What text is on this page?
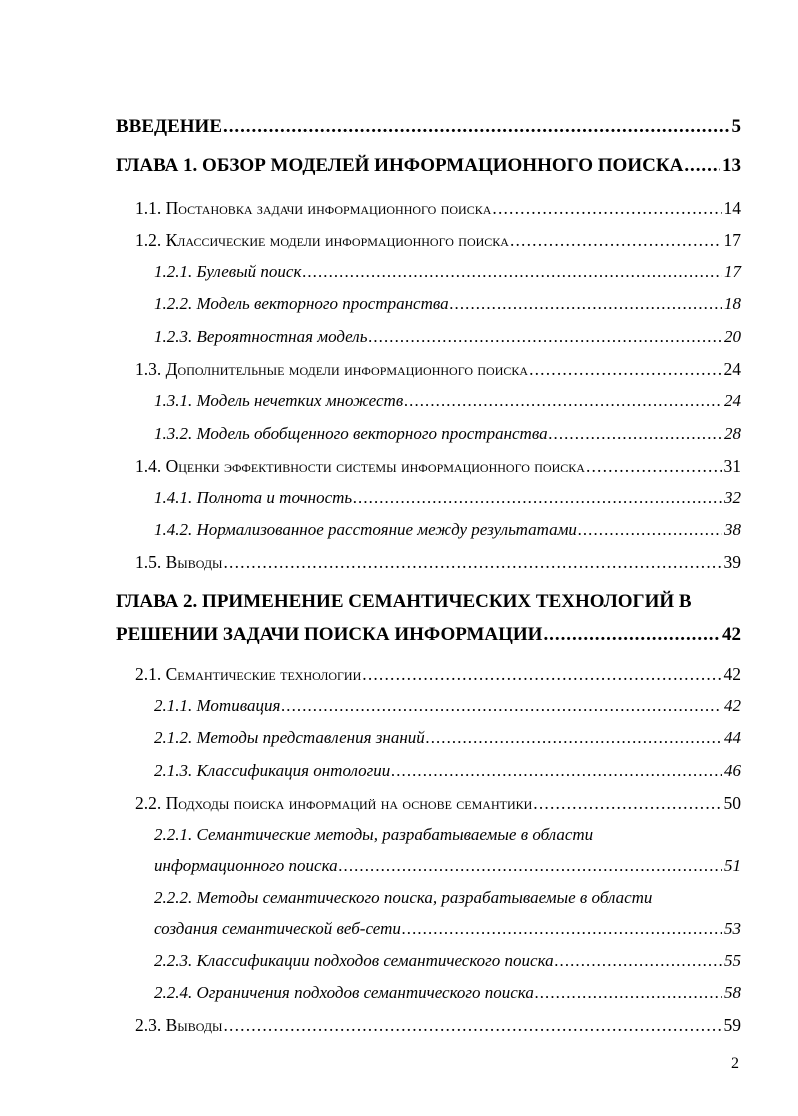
ВВЕДЕНИЕ . . .	5
ГЛАВА 1. ОБЗОР МОДЕЛЕЙ ИНФОРМАЦИОННОГО ПОИСКА . . . 13
1.1. Постановка задачи информационного поиска . . .	14
1.2. Классические модели информационного поиска . . .	17
1.2.1. Булевый поиск . . .	17
1.2.2. Модель векторного пространства . . .	18
1.2.3. Вероятностная модель . . .	20
1.3. Дополнительные модели информационного поиска . . .	24
1.3.1. Модель нечетких множеств . . .	24
1.3.2. Модель обобщенного векторного пространства . . .	28
1.4. Оценки эффективности системы информационного поиска . . .	31
1.4.1. Полнота и точность . . .	32
1.4.2. Нормализованное расстояние между результатами . . .	38
1.5. Выводы . . .	39
ГЛАВА 2. ПРИМЕНЕНИЕ СЕМАНТИЧЕСКИХ ТЕХНОЛОГИЙ В
РЕШЕНИИ ЗАДАЧИ ПОИСКА ИНФОРМАЦИИ . . .	42
2.1. Семантические технологии . . .	42
2.1.1. Мотивация . . .	42
2.1.2. Методы представления знаний . . .	44
2.1.3. Классификация онтологии . . .	46
2.2. Подходы поиска информаций на основе семантики . . .	50
2.2.1. Семантические методы, разрабатываемые в области
информационного поиска . . .	51
2.2.2. Методы семантического поиска, разрабатываемые в области
создания семантической веб-сети . . .	53
2.2.3. Классификации подходов семантического поиска . . .	55
2.2.4. Ограничения подходов семантического поиска . . .	58
2.3. Выводы . . .	59
2
